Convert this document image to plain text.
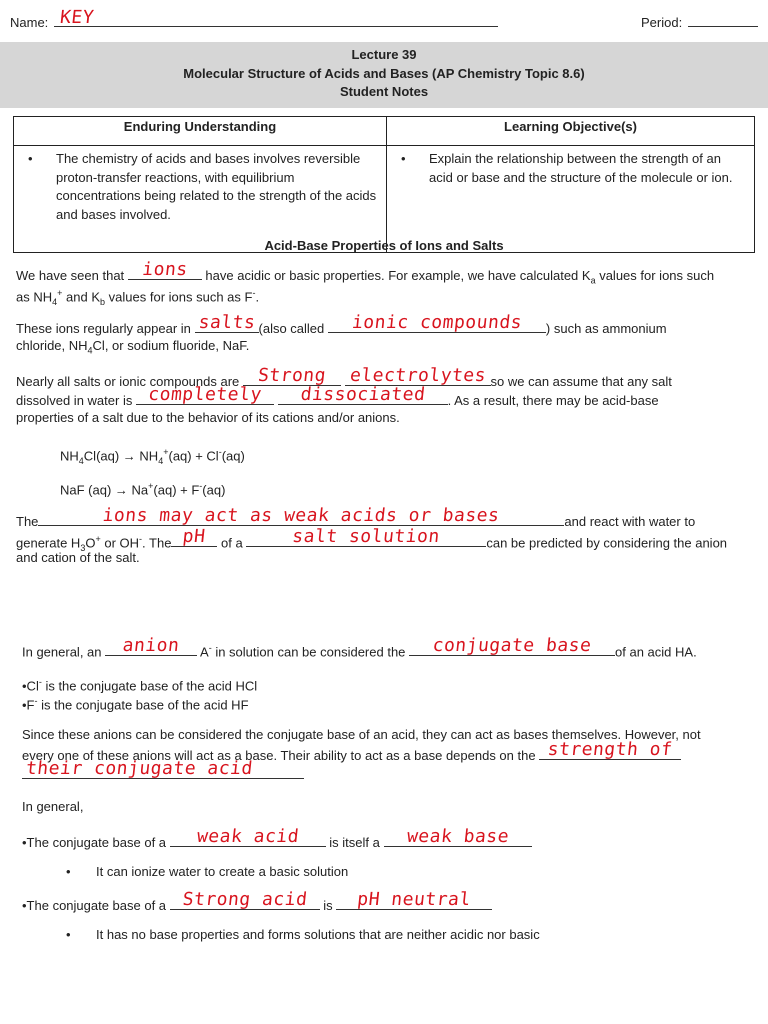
Name: KEY	Period:
Lecture 39
Molecular Structure of Acids and Bases (AP Chemistry Topic 8.6)
Student Notes
Enduring Understanding	Learning Objective(s)

• The chemistry of acids and bases involves reversible proton-transfer reactions, with equilibrium concentrations being related to the strength of the acids and bases involved.	• Explain the relationship between the strength of an acid or base and the structure of the molecule or ion.
Acid-Base Properties of Ions and Salts
We have seen that ions	have acidic or basic properties. For example, we have calculated $K_a$ values for ions such
as $NH_4^+$ and $K_b$ values for ions such as F-.
These ions regularly appear in salts (also called	ionic compounds	) such as ammonium
chloride, $NH_4Cl$, or sodium fluoride, NaF.
Nearly all salts or ionic compounds are Strong
	electrolytes so we can assume that any salt
dissolved in water is completely
	dissociated	. As a result, there may be acid-base
properties of a salt due to the behavior of its cations and/or anions.
$NH_4Cl(aq) \to NH_4^+(aq) + Cl^-(aq)$
NaF (aq) → Na+(aq) + F-(aq)
The	ions may act as weak acids or bases	and react with water to
generate $H_3O^+$ or OH-. The pH	of a	salt solution	can be predicted by considering the anion
and cation of the salt.
In general, an	anion	A- in solution can be considered the	conjugate base	of an acid HA.
•Cl- is the conjugate base of the acid HCl
•F- is the conjugate base of the acid HF
Since these anions can be considered the conjugate base of an acid, they can act as bases themselves. However, not
every one of these anions will act as a base. Their ability to act as a base depends on the strength of
their conjugate acid
In general,
•The conjugate base of a	weak acid	is itself a	weak base
• It can ionize water to create a basic solution
•The conjugate base of a Strong acid	is	pH neutral
• It has no base properties and forms solutions that are neither acidic nor basic
